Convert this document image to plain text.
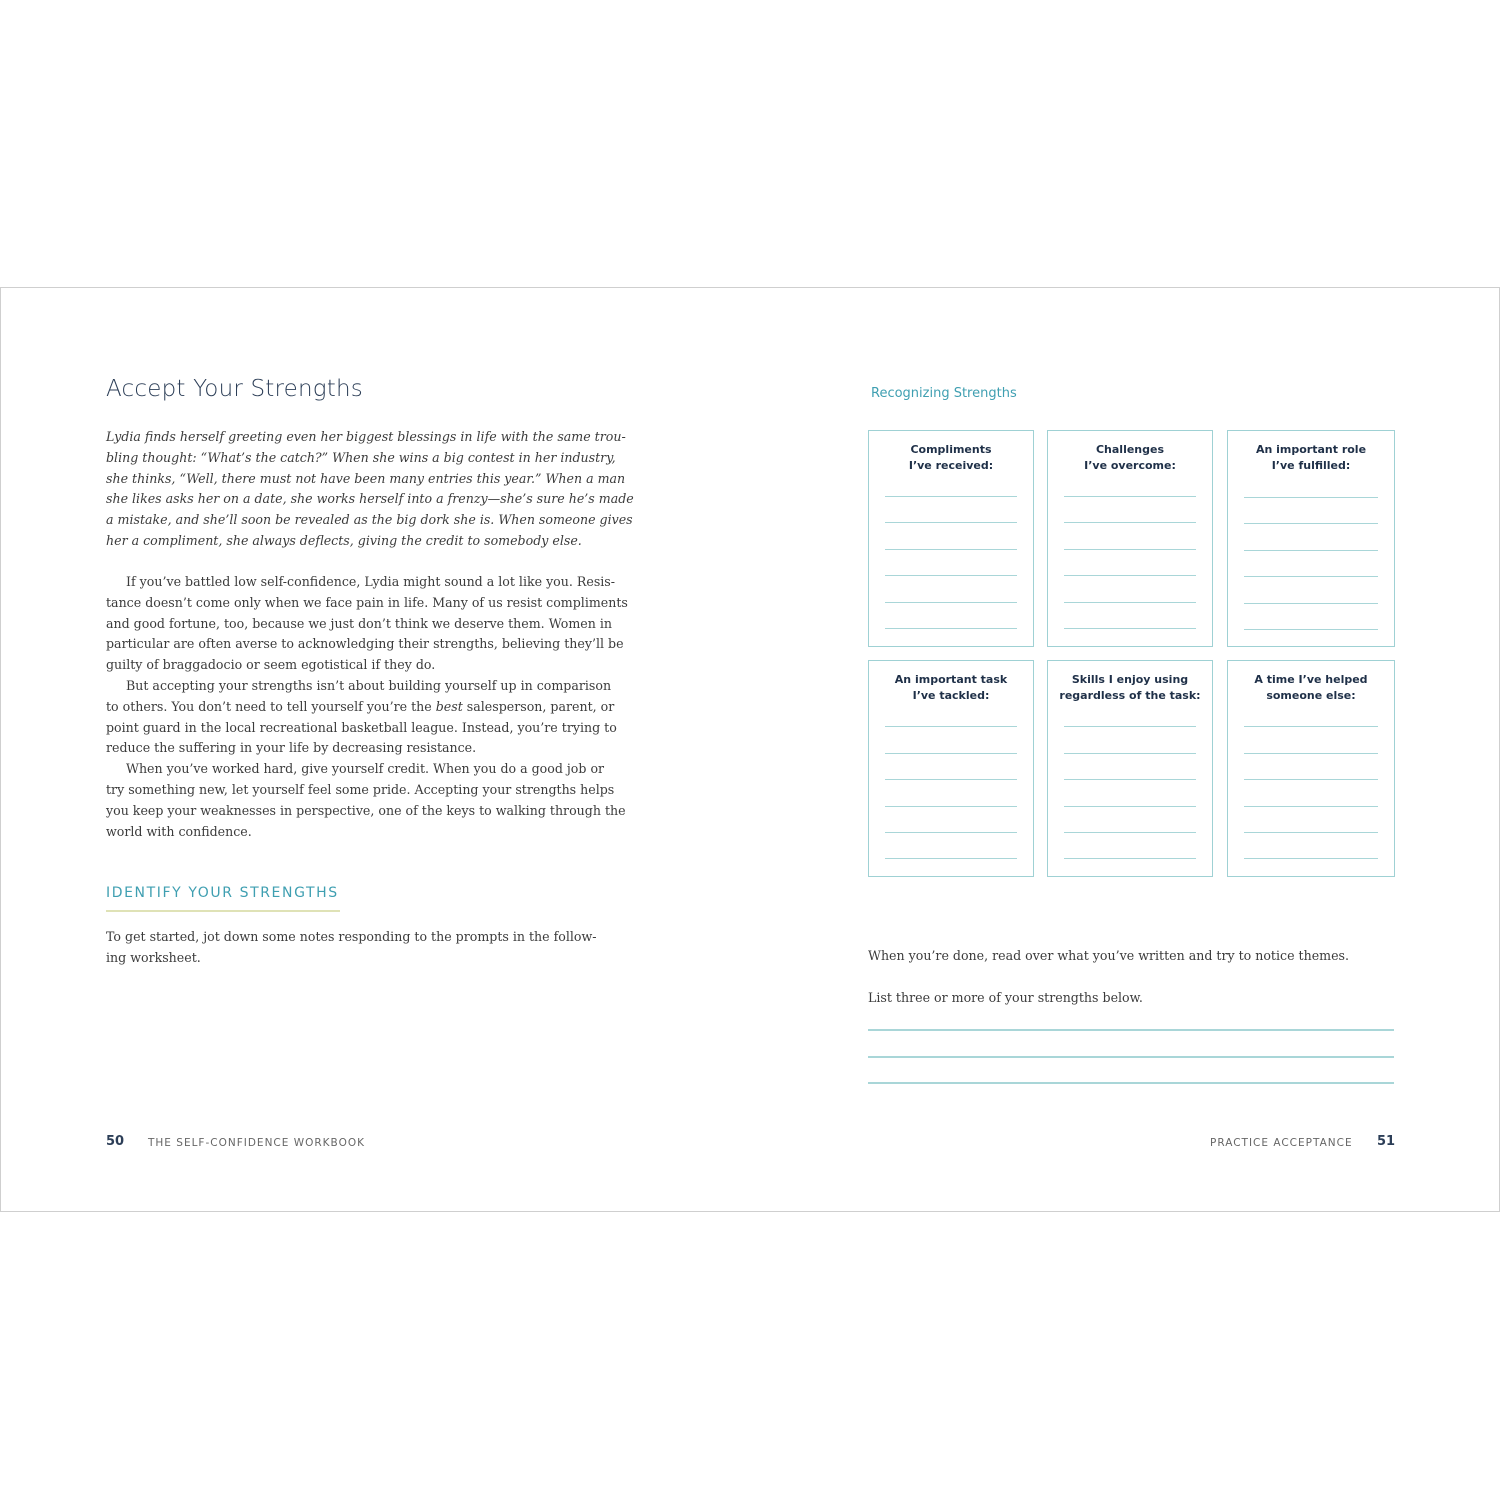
Accept Your Strengths
Lydia finds herself greeting even her biggest blessings in life with the same trou-
bling thought: “What’s the catch?” When she wins a big contest in her industry,
she thinks, “Well, there must not have been many entries this year.” When a man
she likes asks her on a date, she works herself into a frenzy—she’s sure he’s made
a mistake, and she’ll soon be revealed as the big dork she is. When someone gives
her a compliment, she always deflects, giving the credit to somebody else.
If you’ve battled low self-confidence, Lydia might sound a lot like you. Resis-
tance doesn’t come only when we face pain in life. Many of us resist compliments
and good fortune, too, because we just don’t think we deserve them. Women in
particular are often averse to acknowledging their strengths, believing they’ll be
guilty of braggadocio or seem egotistical if they do.
But accepting your strengths isn’t about building yourself up in comparison
to others. You don’t need to tell yourself you’re the best salesperson, parent, or
point guard in the local recreational basketball league. Instead, you’re trying to
reduce the suffering in your life by decreasing resistance.
When you’ve worked hard, give yourself credit. When you do a good job or
try something new, let yourself feel some pride. Accepting your strengths helps
you keep your weaknesses in perspective, one of the keys to walking through the
world with confidence.
IDENTIFY YOUR STRENGTHS
To get started, jot down some notes responding to the prompts in the follow-
ing worksheet.
50 THE SELF-CONFIDENCE WORKBOOK
Recognizing Strengths
Compliments
I’ve received:
Challenges
I’ve overcome:
An important role
I’ve fulfilled:
An important task
I’ve tackled:
Skills I enjoy using
regardless of the task:
A time I’ve helped
someone else:
When you’re done, read over what you’ve written and try to notice themes.
List three or more of your strengths below.
PRACTICE ACCEPTANCE 51
